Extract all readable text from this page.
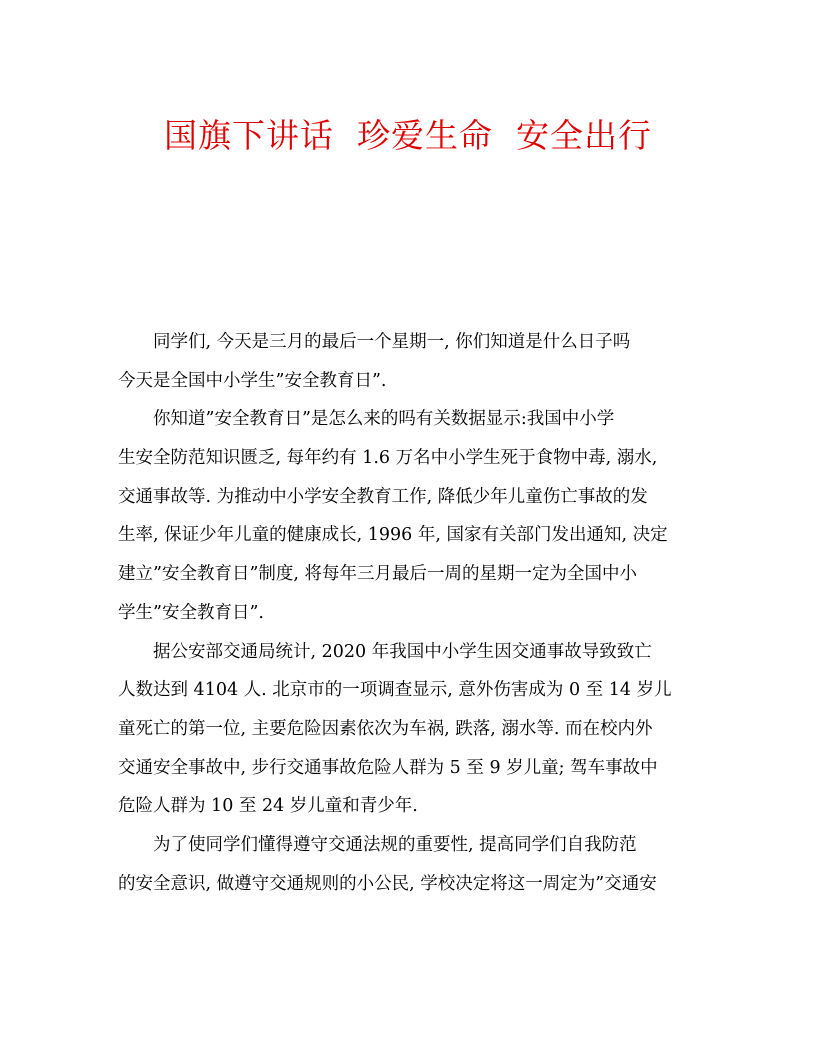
国旗下讲话  珍爱生命  安全出行
同学们, 今天是三月的最后一个星期一, 你们知道是什么日子吗
今天是全国中小学生”安全教育日”.
你知道”安全教育日”是怎么来的吗有关数据显示:我国中小学
生安全防范知识匮乏, 每年约有 1.6 万名中小学生死于食物中毒, 溺水,
交通事故等. 为推动中小学安全教育工作, 降低少年儿童伤亡事故的发
生率, 保证少年儿童的健康成长, 1996 年, 国家有关部门发出通知, 决定
建立”安全教育日”制度, 将每年三月最后一周的星期一定为全国中小
学生”安全教育日”.
据公安部交通局统计, 2020 年我国中小学生因交通事故导致致亡
人数达到 4104 人. 北京市的一项调查显示, 意外伤害成为 0 至 14 岁儿
童死亡的第一位, 主要危险因素依次为车祸, 跌落, 溺水等. 而在校内外
交通安全事故中, 步行交通事故危险人群为 5 至 9 岁儿童; 驾车事故中
危险人群为 10 至 24 岁儿童和青少年.
为了使同学们懂得遵守交通法规的重要性, 提高同学们自我防范
的安全意识, 做遵守交通规则的小公民, 学校决定将这一周定为”交通安
